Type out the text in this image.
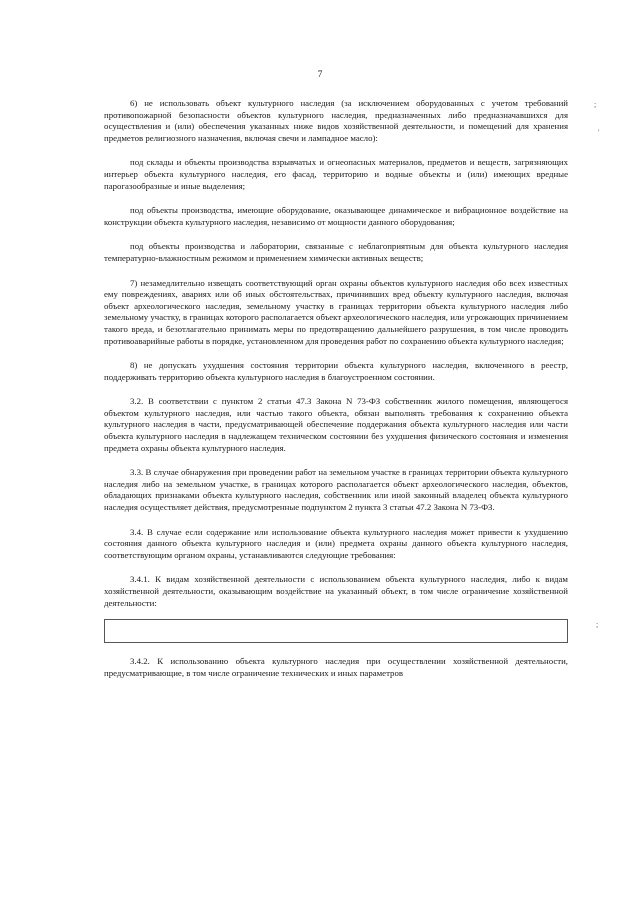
7

6) не использовать объект культурного наследия (за исключением оборудованных с учетом требований противопожарной безопасности объектов культурного наследия, предназначенных либо предназначавшихся для осуществления и (или) обеспечения указанных ниже видов хозяйственной деятельности, и помещений для хранения предметов религиозного назначения, включая свечи и лампадное масло):

под склады и объекты производства взрывчатых и огнеопасных материалов, предметов и веществ, загрязняющих интерьер объекта культурного наследия, его фасад, территорию и водные объекты и (или) имеющих вредные парогазообразные и иные выделения;

под объекты производства, имеющие оборудование, оказывающее динамическое и вибрационное воздействие на конструкции объекта культурного наследия, независимо от мощности данного оборудования;

под объекты производства и лаборатории, связанные с неблагоприятным для объекта культурного наследия температурно-влажностным режимом и применением химически активных веществ;

7) незамедлительно извещать соответствующий орган охраны объектов культурного наследия обо всех известных ему повреждениях, авариях или об иных обстоятельствах, причинивших вред объекту культурного наследия, включая объект археологического наследия, земельному участку в границах территории объекта культурного наследия либо земельному участку, в границах которого располагается объект археологического наследия, или угрожающих причинением такого вреда, и безотлагательно принимать меры по предотвращению дальнейшего разрушения, в том числе проводить противоаварийные работы в порядке, установленном для проведения работ по сохранению объекта культурного наследия;

8) не допускать ухудшения состояния территории объекта культурного наследия, включенного в реестр, поддерживать территорию объекта культурного наследия в благоустроенном состоянии.

3.2. В соответствии с пунктом 2 статьи 47.3 Закона N 73-ФЗ собственник жилого помещения, являющегося объектом культурного наследия, или частью такого объекта, обязан выполнять требования к сохранению объекта культурного наследия в части, предусматривающей обеспечение поддержания объекта культурного наследия или части объекта культурного наследия в надлежащем техническом состоянии без ухудшения физического состояния и изменения предмета охраны объекта культурного наследия.

3.3. В случае обнаружения при проведении работ на земельном участке в границах территории объекта культурного наследия либо на земельном участке, в границах которого располагается объект археологического наследия, объектов, обладающих признаками объекта культурного наследия, собственник или иной законный владелец объекта культурного наследия осуществляет действия, предусмотренные подпунктом 2 пункта 3 статьи 47.2 Закона N 73-ФЗ.

3.4. В случае если содержание или использование объекта культурного наследия может привести к ухудшению состояния данного объекта культурного наследия и (или) предмета охраны данного объекта культурного наследия, соответствующим органом охраны, устанавливаются следующие требования:

3.4.1. К видам хозяйственной деятельности с использованием объекта культурного наследия, либо к видам хозяйственной деятельности, оказывающим воздействие на указанный объект, в том числе ограничение хозяйственной деятельности:

3.4.2. К использованию объекта культурного наследия при осуществлении хозяйственной деятельности, предусматривающие, в том числе ограничение технических и иных параметров

;
'
;
